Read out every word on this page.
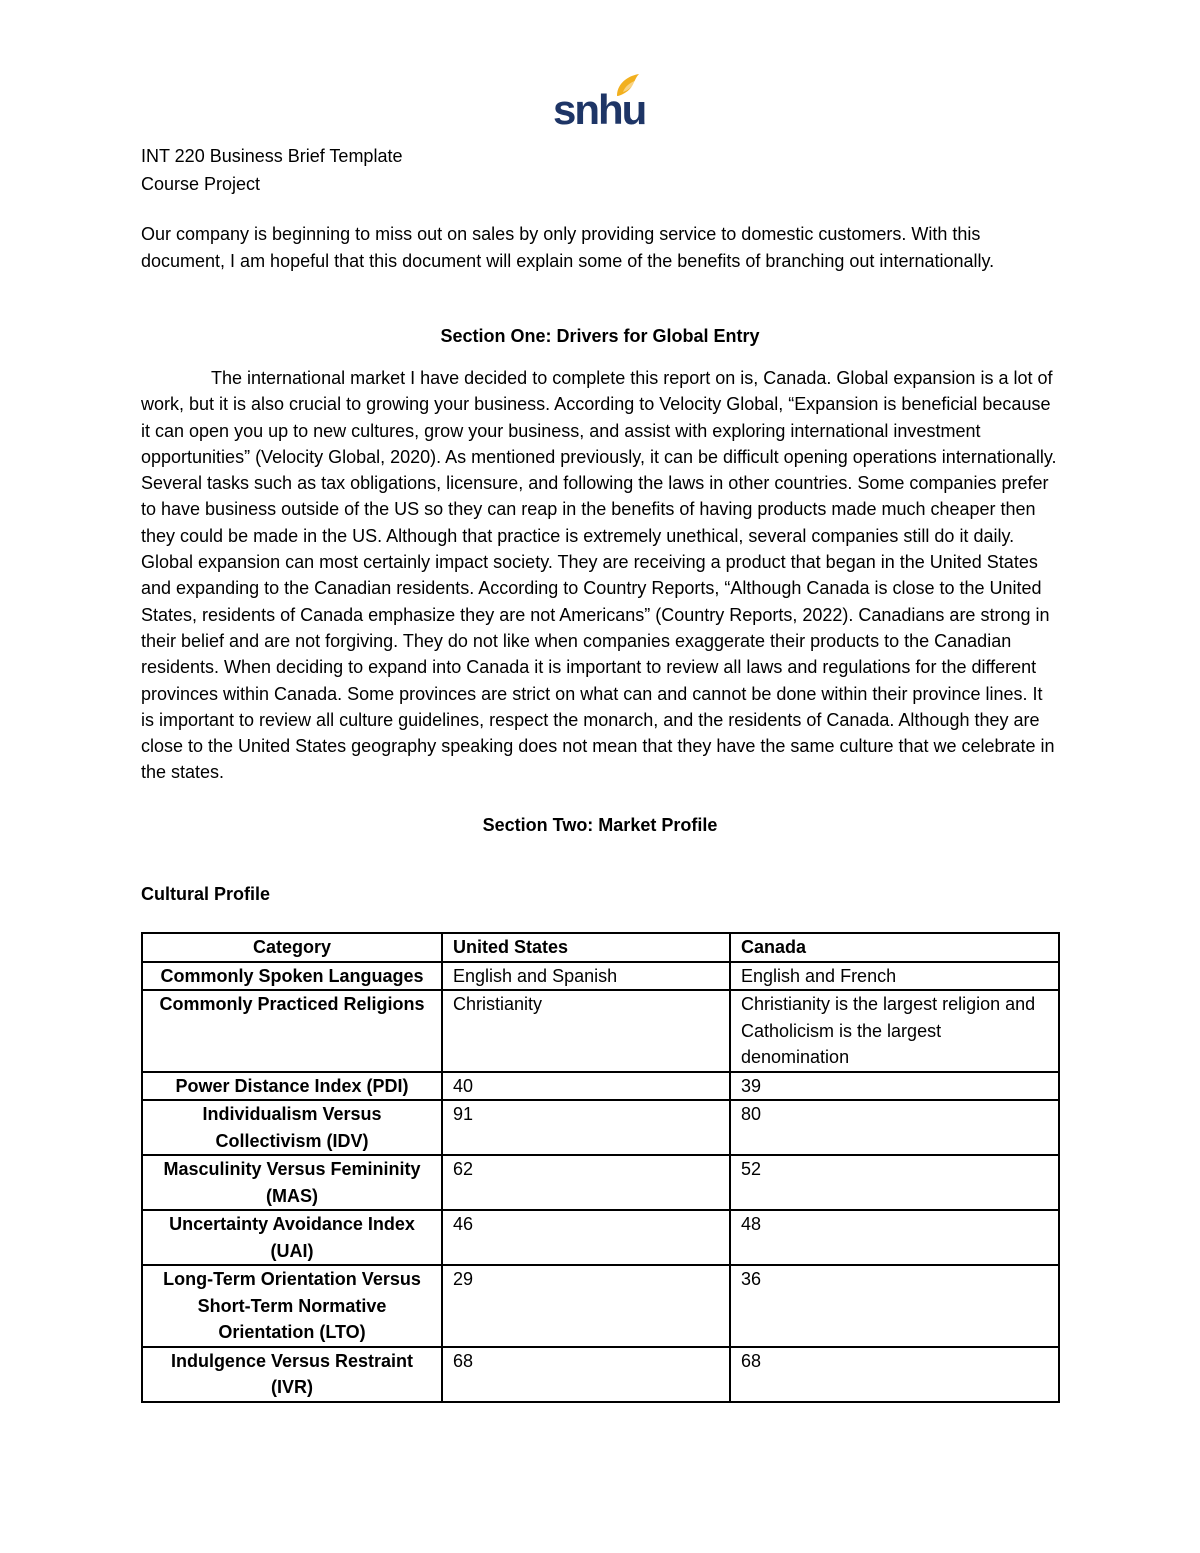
snhu
INT 220 Business Brief Template
Course Project
Our company is beginning to miss out on sales by only providing service to domestic customers. With this document, I am hopeful that this document will explain some of the benefits of branching out internationally.
Section One: Drivers for Global Entry
The international market I have decided to complete this report on is, Canada. Global expansion is a lot of work, but it is also crucial to growing your business. According to Velocity Global, “Expansion is beneficial because it can open you up to new cultures, grow your business, and assist with exploring international investment opportunities” (Velocity Global, 2020). As mentioned previously, it can be difficult opening operations internationally. Several tasks such as tax obligations, licensure, and following the laws in other countries. Some companies prefer to have business outside of the US so they can reap in the benefits of having products made much cheaper then they could be made in the US. Although that practice is extremely unethical, several companies still do it daily. Global expansion can most certainly impact society. They are receiving a product that began in the United States and expanding to the Canadian residents. According to Country Reports, “Although Canada is close to the United States, residents of Canada emphasize they are not Americans” (Country Reports, 2022). Canadians are strong in their belief and are not forgiving. They do not like when companies exaggerate their products to the Canadian residents. When deciding to expand into Canada it is important to review all laws and regulations for the different provinces within Canada. Some provinces are strict on what can and cannot be done within their province lines. It is important to review all culture guidelines, respect the monarch, and the residents of Canada. Although they are close to the United States geography speaking does not mean that they have the same culture that we celebrate in the states.
Section Two: Market Profile
Cultural Profile
Category	United States	Canada
Commonly Spoken Languages	English and Spanish	English and French
Commonly Practiced Religions	Christianity	Christianity is the largest religion and Catholicism is the largest denomination
Power Distance Index (PDI)	40	39
Individualism Versus Collectivism (IDV)	91	80
Masculinity Versus Femininity (MAS)	62	52
Uncertainty Avoidance Index (UAI)	46	48
Long-Term Orientation Versus Short-Term Normative Orientation (LTO)	29	36
Indulgence Versus Restraint (IVR)	68	68
